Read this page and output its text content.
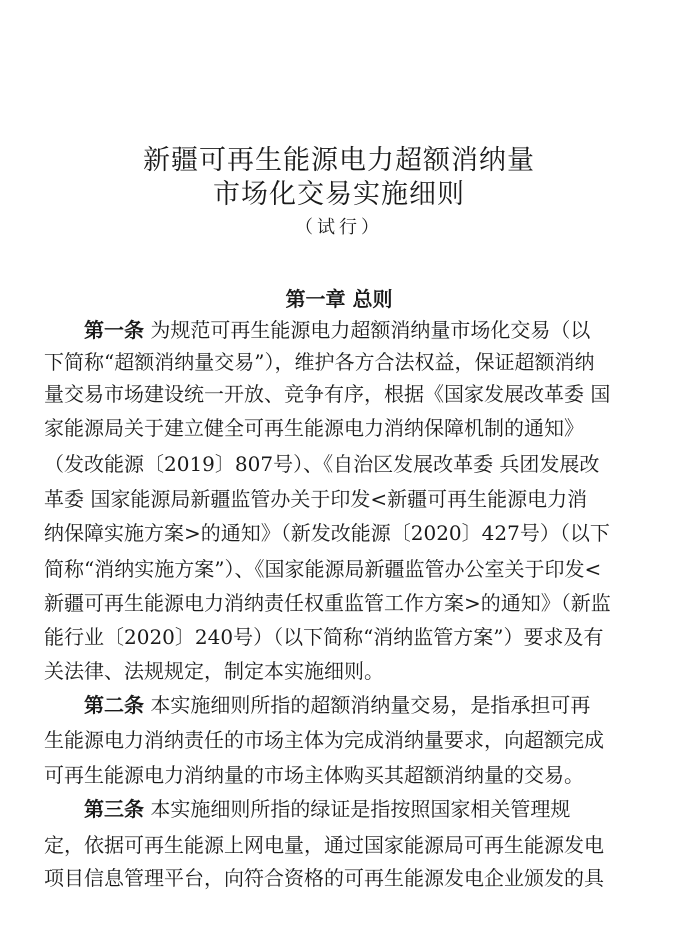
新疆可再生能源电力超额消纳量
市场化交易实施细则
（试行）
第一章 总则
第一条 为规范可再生能源电力超额消纳量市场化交易（以
下简称“超额消纳量交易”），维护各方合法权益，保证超额消纳
量交易市场建设统一开放、竞争有序，根据《国家发展改革委 国
家能源局关于建立健全可再生能源电力消纳保障机制的通知》
（发改能源〔2019〕807号）、《自治区发展改革委 兵团发展改
革委 国家能源局新疆监管办关于印发<新疆可再生能源电力消
纳保障实施方案>的通知》（新发改能源〔2020〕427号）（以下
简称“消纳实施方案”）、《国家能源局新疆监管办公室关于印发<
新疆可再生能源电力消纳责任权重监管工作方案>的通知》（新监
能行业〔2020〕240号）（以下简称“消纳监管方案”）要求及有
关法律、法规规定，制定本实施细则。
第二条 本实施细则所指的超额消纳量交易，是指承担可再
生能源电力消纳责任的市场主体为完成消纳量要求，向超额完成
可再生能源电力消纳量的市场主体购买其超额消纳量的交易。
第三条 本实施细则所指的绿证是指按照国家相关管理规
定，依据可再生能源上网电量，通过国家能源局可再生能源发电
项目信息管理平台，向符合资格的可再生能源发电企业颁发的具
